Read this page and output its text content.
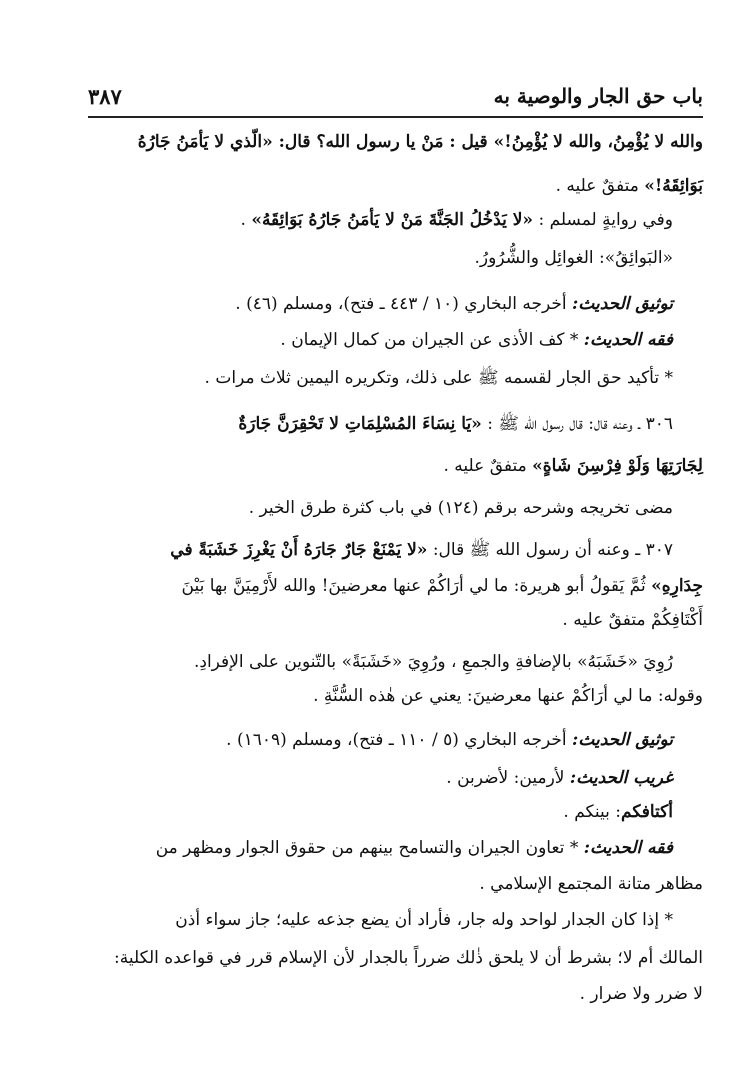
باب حق الجار والوصية به
٣٨٧
والله لا يُؤْمِنُ، والله لا يُؤْمِنُ!» قيل : مَنْ يا رسول الله؟ قال: «الّذي لا يَأمَنُ جَارُهُ
بَوَائِقَهُ!» متفقٌ عليه .
وفي روايةٍ لمسلم : «لا يَدْخُلُ الجَنَّةَ مَنْ لا يَأمَنُ جَارُهُ بَوَائِقَهُ» .
«البَوائِقُ»: الغوائِل والشُّرُورُ.
توثيق الحديث: أخرجه البخاري (١٠ / ٤٤٣ ـ فتح)، ومسلم (٤٦) .
فقه الحديث: * كف الأذى عن الجيران من كمال الإيمان .
* تأكيد حق الجار لقسمه ﷺ على ذلك، وتكريره اليمين ثلاث مرات .
٣٠٦ ـ وعنه قال: قال رسول الله ﷺ : «يَا نِسَاءَ المُسْلِمَاتِ لا تَحْقِرَنَّ جَارَةٌ
لِجَارَتِهَا وَلَوْ فِرْسِنَ شَاةٍ» متفقٌ عليه .
مضى تخريجه وشرحه برقم (١٢٤) في باب كثرة طرق الخير .
٣٠٧ ـ وعنه أن رسول الله ﷺ قال: «لا يَمْنَعْ جَارٌ جَارَهُ أَنْ يَغْرِزَ خَشَبَةً في
جِدَارِهِ» ثُمَّ يَقولُ أبو هريرة: ما لي أرَاكُمْ عنها معرضينَ! والله لأَرْمِيَنَّ بها بَيْنَ
أَكْتَافِكُمْ متفقٌ عليه .
رُوِيَ «خَشَبَهُ» بالإضافةِ والجمعِ ، ورُوِيَ «خَشَبَةً» بالتّنوين على الإفرادِ.
وقوله: ما لي أرَاكُمْ عنها معرضينَ: يعني عن هٰذه السُّنَّةِ .
توثيق الحديث: أخرجه البخاري (٥ / ١١٠ ـ فتح)، ومسلم (١٦٠٩) .
غريب الحديث: لأرمين: لأضربن .
أكتافكم: بينكم .
فقه الحديث: * تعاون الجيران والتسامح بينهم من حقوق الجوار ومظهر من
مظاهر متانة المجتمع الإسلامي .
* إذا كان الجدار لواحد وله جار، فأراد أن يضع جذعه عليه؛ جاز سواء أذن
المالك أم لا؛ بشرط أن لا يلحق ذٰلك ضرراً بالجدار لأن الإسلام قرر في قواعده الكلية:
لا ضرر ولا ضرار .
